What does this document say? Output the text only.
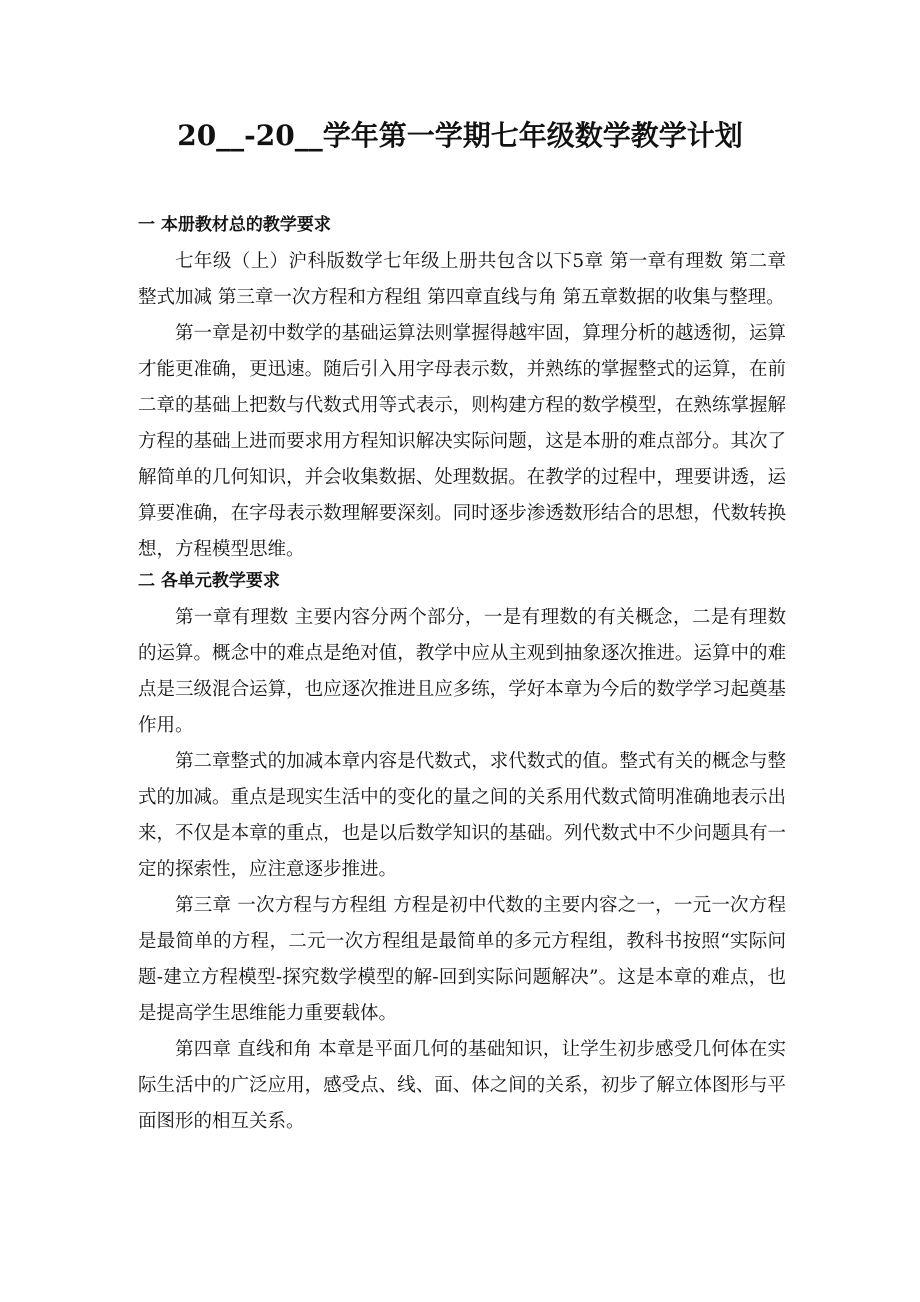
20__-20__学年第一学期七年级数学教学计划
一 本册教材总的教学要求

七年级（上）沪科版数学七年级上册共包含以下5章 第一章有理数 第二章整式加减 第三章一次方程和方程组 第四章直线与角 第五章数据的收集与整理。

第一章是初中数学的基础运算法则掌握得越牢固，算理分析的越透彻，运算才能更准确，更迅速。随后引入用字母表示数，并熟练的掌握整式的运算，在前二章的基础上把数与代数式用等式表示，则构建方程的数学模型，在熟练掌握解方程的基础上进而要求用方程知识解决实际问题，这是本册的难点部分。其次了解简单的几何知识，并会收集数据、处理数据。在教学的过程中，理要讲透，运算要准确，在字母表示数理解要深刻。同时逐步渗透数形结合的思想，代数转换想，方程模型思维。

二 各单元教学要求

第一章有理数 主要内容分两个部分，一是有理数的有关概念，二是有理数的运算。概念中的难点是绝对值，教学中应从主观到抽象逐次推进。运算中的难点是三级混合运算，也应逐次推进且应多练，学好本章为今后的数学学习起奠基作用。

第二章整式的加减本章内容是代数式，求代数式的值。整式有关的概念与整式的加减。重点是现实生活中的变化的量之间的关系用代数式简明准确地表示出来，不仅是本章的重点，也是以后数学知识的基础。列代数式中不少问题具有一定的探索性，应注意逐步推进。

第三章 一次方程与方程组 方程是初中代数的主要内容之一，一元一次方程是最简单的方程，二元一次方程组是最简单的多元方程组，教科书按照“实际问题-建立方程模型-探究数学模型的解-回到实际问题解决”。这是本章的难点，也是提高学生思维能力重要载体。

第四章 直线和角 本章是平面几何的基础知识，让学生初步感受几何体在实际生活中的广泛应用，感受点、线、面、体之间的关系，初步了解立体图形与平面图形的相互关系。
